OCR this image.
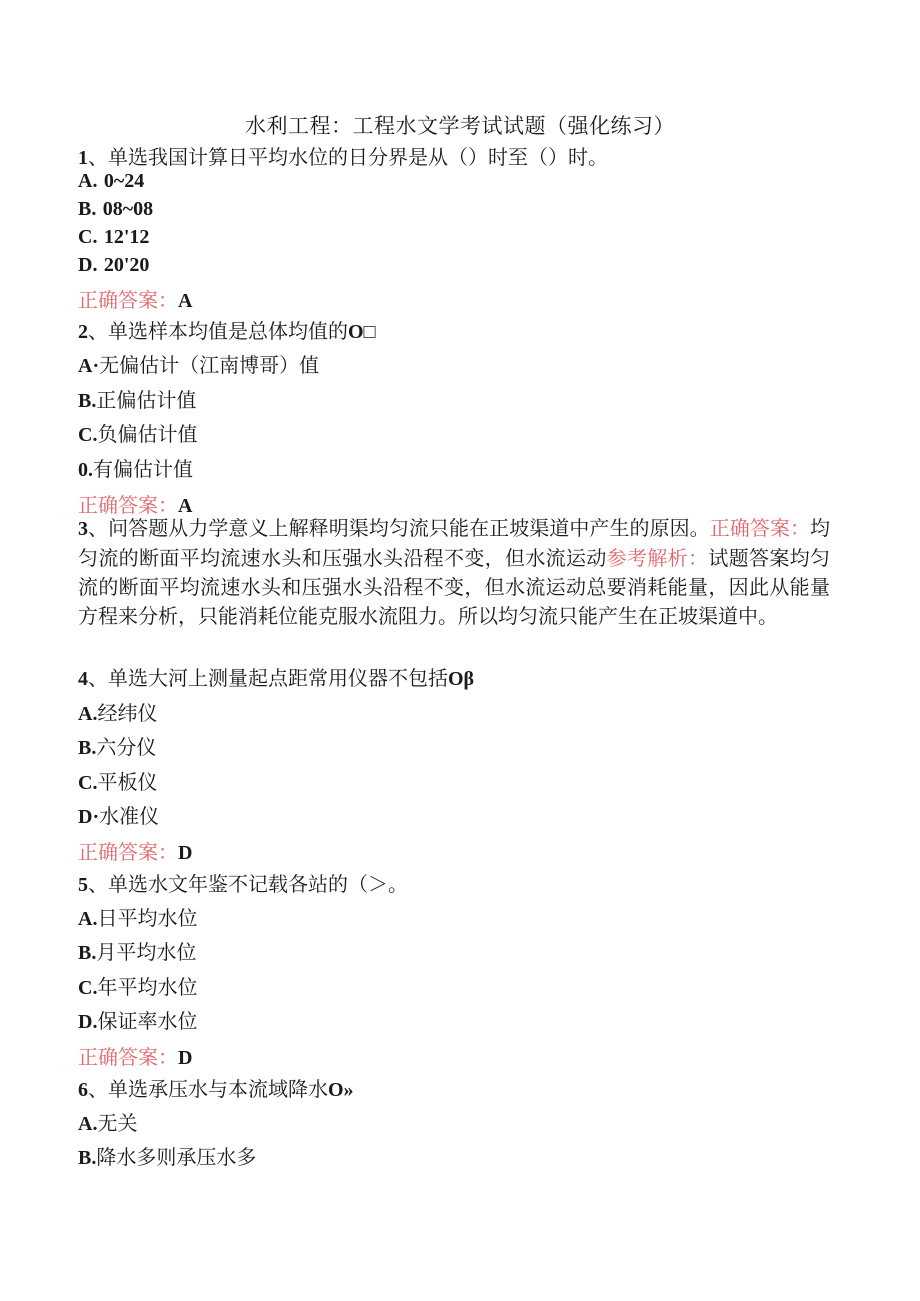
水利工程：工程水文学考试试题（强化练习）
1、单选我国计算日平均水位的日分界是从（）时至（）时。
A. 0~24
B. 08~08
C. 12'12
D. 20'20
正确答案：A
2、单选样本均值是总体均值的O□
A·无偏估计（江南博哥）值
B.正偏估计值
C.负偏估计值
0.有偏估计值
正确答案：A
3、问答题从力学意义上解释明渠均匀流只能在正坡渠道中产生的原因。正确答案：均匀流的断面平均流速水头和压强水头沿程不变，但水流运动参考解析：试题答案均匀流的断面平均流速水头和压强水头沿程不变，但水流运动总要消耗能量，因此从能量方程来分析，只能消耗位能克服水流阻力。所以均匀流只能产生在正坡渠道中。
4、单选大河上测量起点距常用仪器不包括Oβ
A.经纬仪
B.六分仪
C.平板仪
D·水准仪
正确答案：D
5、单选水文年鉴不记载各站的（＞。
A.日平均水位
B.月平均水位
C.年平均水位
D.保证率水位
正确答案：D
6、单选承压水与本流域降水O»
A.无关
B.降水多则承压水多
